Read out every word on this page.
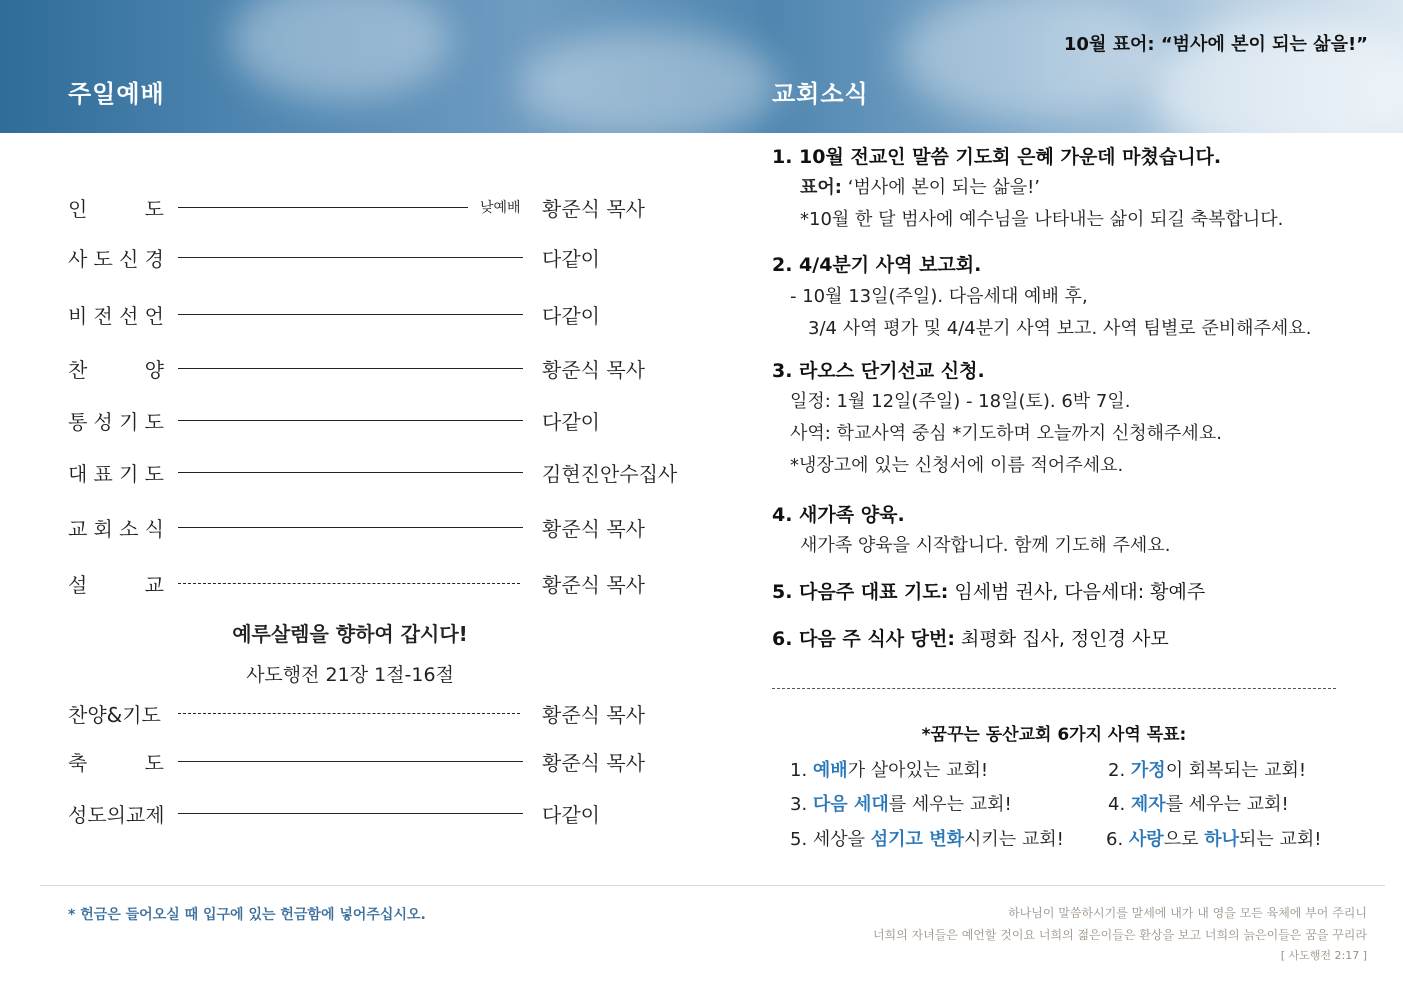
주일예배	교회소식
10월 표어: “범사에 본이 되는 삶을!”
인	도	낮예배 황준식 목사
사 도 신 경	다같이
비 전 선 언	다같이
찬	양	황준식 목사
통 성 기 도	다같이
대 표 기 도	김현진안수집사
교 회 소 식	황준식 목사
설	교	황준식 목사
예루살렘을 향하여 갑시다!
사도행전 21장 1절-16절
찬양&기도	황준식 목사
축	도	황준식 목사
성도의교제	다같이
1. 10월 전교인 말씀 기도회 은혜 가운데 마쳤습니다.
표어: ‘범사에 본이 되는 삶을!’
*10월 한 달 범사에 예수님을 나타내는 삶이 되길 축복합니다.
2. 4/4분기 사역 보고회.
- 10월 13일(주일). 다음세대 예배 후,
3/4 사역 평가 및 4/4분기 사역 보고. 사역 팀별로 준비해주세요.
3. 라오스 단기선교 신청.
일정: 1월 12일(주일) - 18일(토). 6박 7일.
사역: 학교사역 중심 *기도하며 오늘까지 신청해주세요.
*냉장고에 있는 신청서에 이름 적어주세요.
4. 새가족 양육.
새가족 양육을 시작합니다. 함께 기도해 주세요.
5. 다음주 대표 기도: 임세범 권사, 다음세대: 황예주
6. 다음 주 식사 당번: 최평화 집사, 정인경 사모
*꿈꾸는 동산교회 6가지 사역 목표:
1. 예배가 살아있는 교회!	2. 가정이 회복되는 교회!
3. 다음 세대를 세우는 교회!	4. 제자를 세우는 교회!
5. 세상을 섬기고 변화시키는 교회! 6. 사랑으로 하나되는 교회!
* 헌금은 들어오실 때 입구에 있는 헌금함에 넣어주십시오.	하나님이 말씀하시기를 말세에 내가 내 영을 모든 육체에 부어 주리니
너희의 자녀들은 예언할 것이요 너희의 젊은이들은 환상을 보고 너희의 늙은이들은 꿈을 꾸리라
[ 사도행전 2:17 ]
